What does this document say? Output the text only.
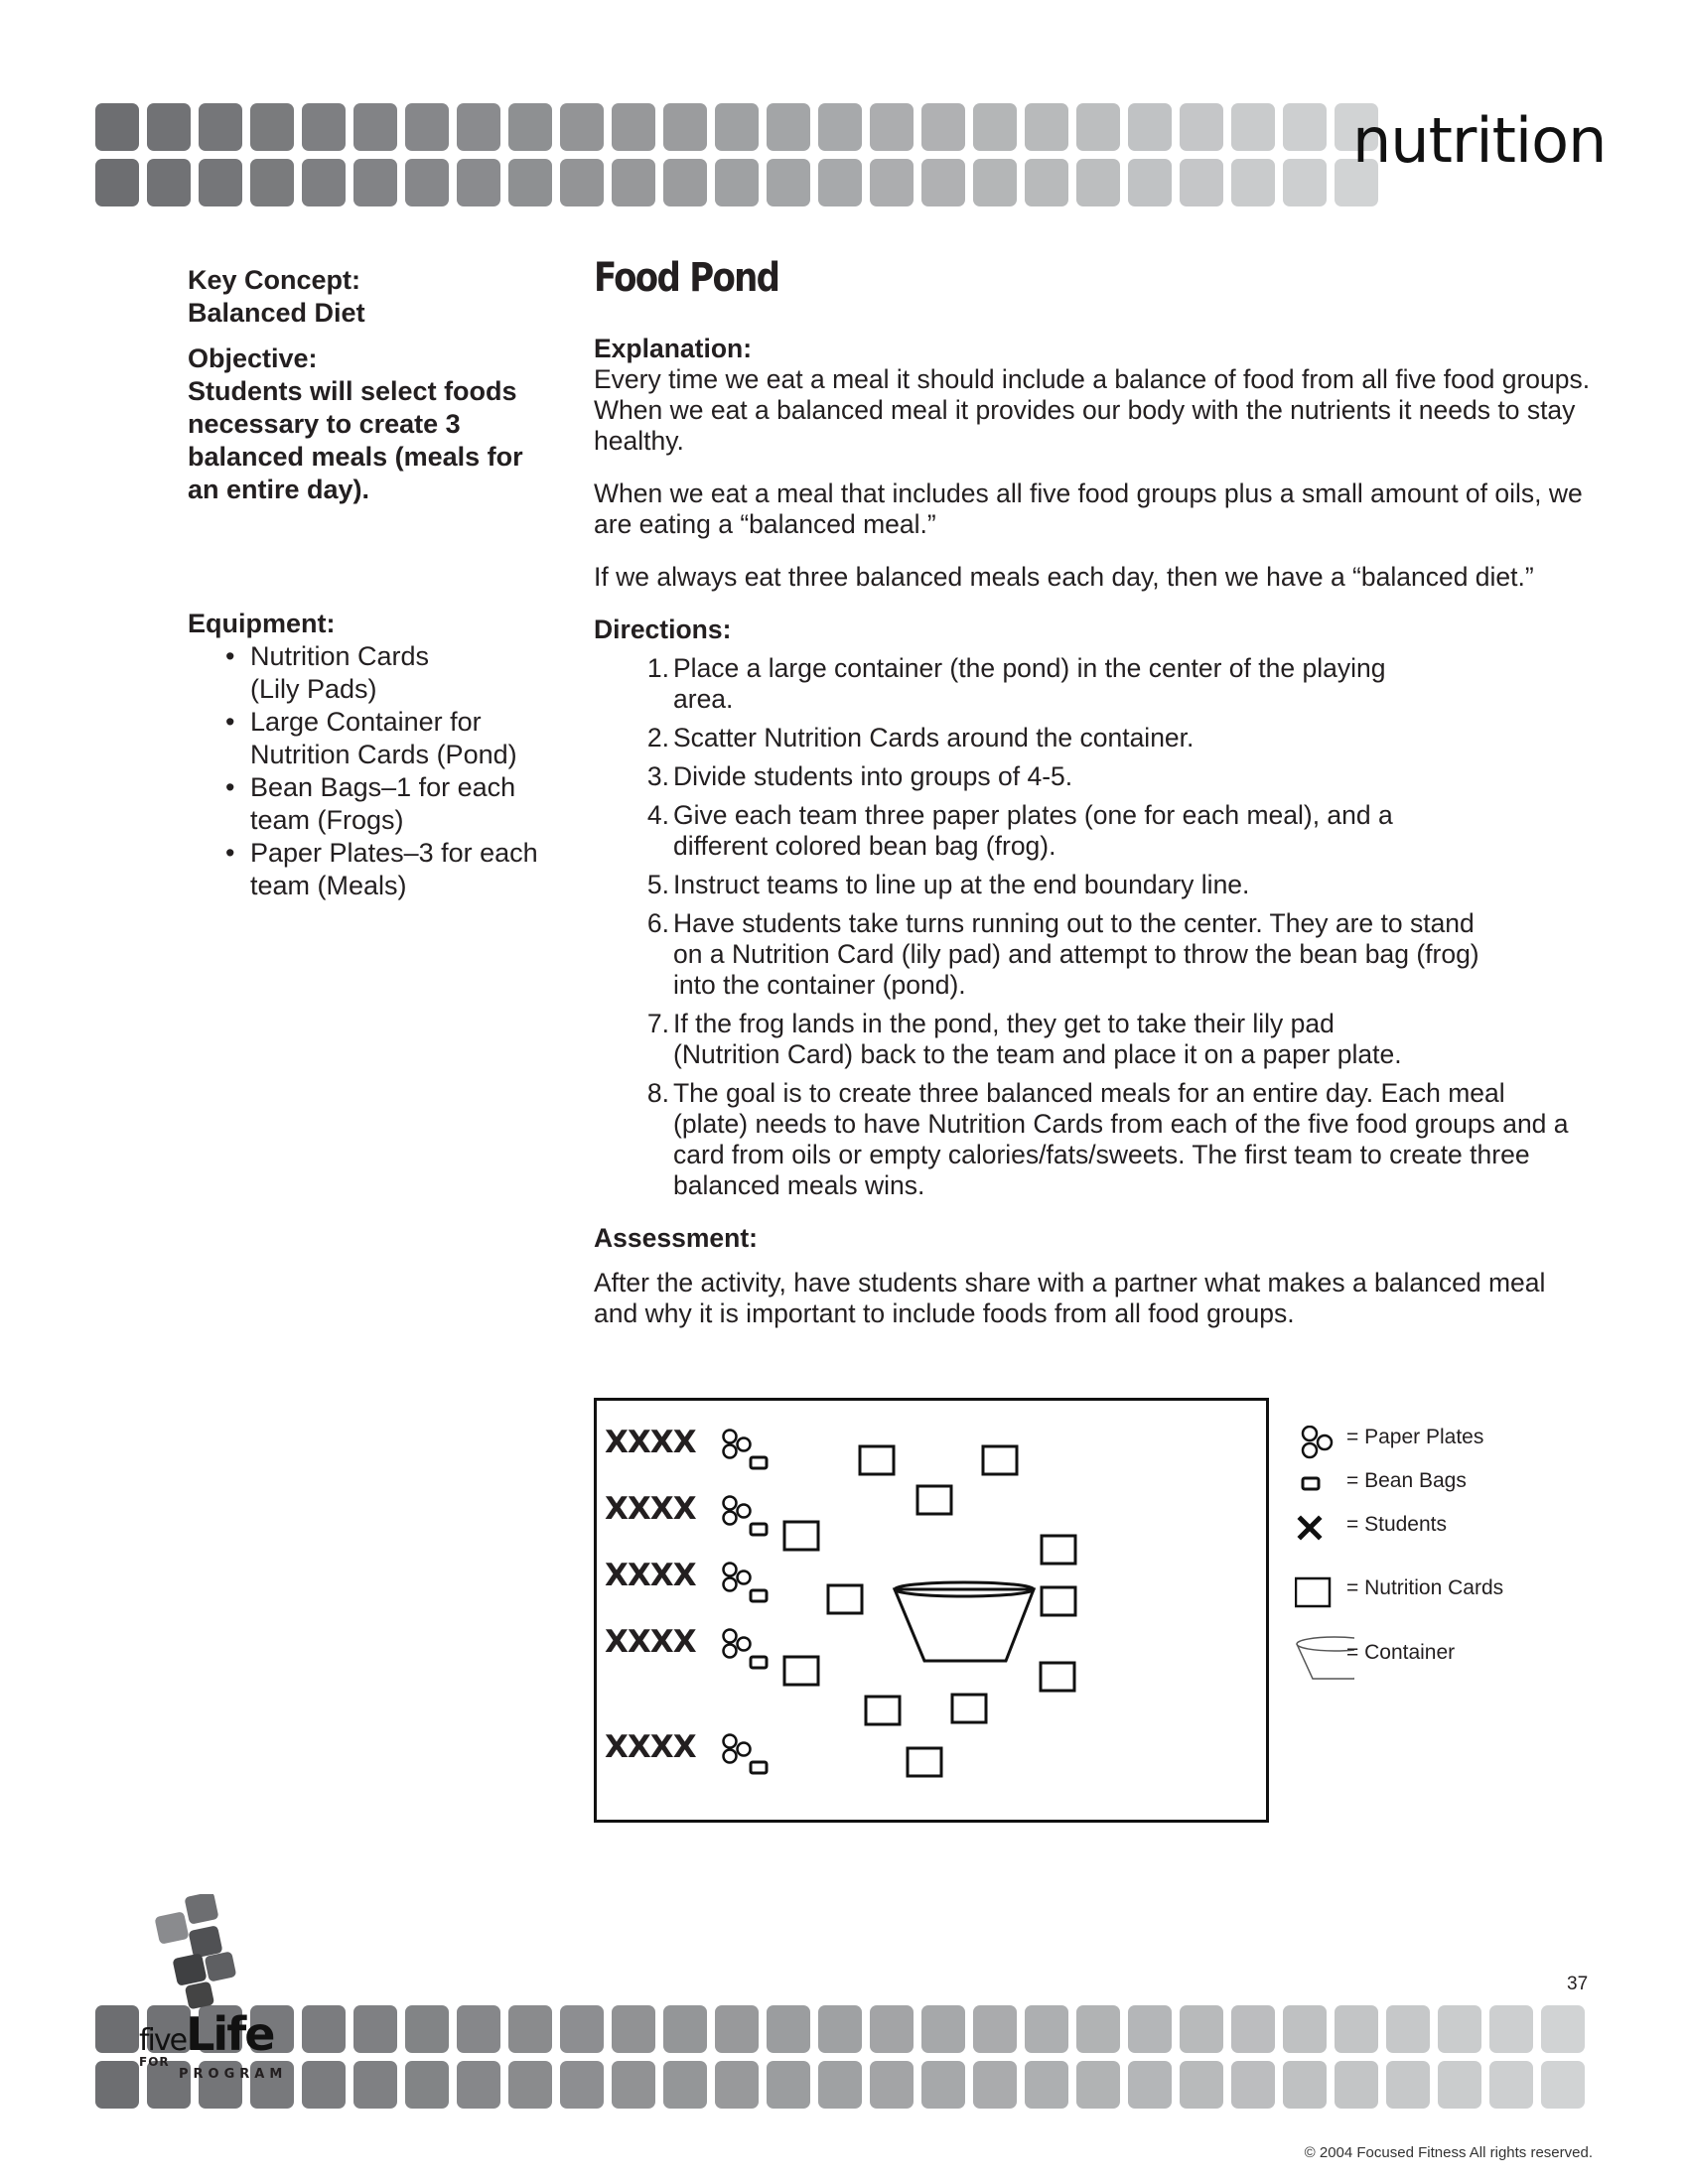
nutrition
Key Concept:
Balanced Diet
Objective:
Students will select foods necessary to create 3 balanced meals (meals for an entire day).
Equipment:
• Nutrition Cards
(Lily Pads)
• Large Container for
Nutrition Cards (Pond)
• Bean Bags–1 for each
team (Frogs)
• Paper Plates–3 for each
team (Meals)
Food Pond
Explanation:

Every time we eat a meal it should include a balance of food from all five food groups. When we eat a balanced meal it provides our body with the nutrients it needs to stay healthy.

When we eat a meal that includes all five food groups plus a small amount of oils, we are eating a “balanced meal.”

If we always eat three balanced meals each day, then we have a “balanced diet.”

Directions:
1. Place a large container (the pond) in the center of the playing area.
2. Scatter Nutrition Cards around the container.
3. Divide students into groups of 4-5.
4. Give each team three paper plates (one for each meal), and a different colored bean bag (frog).
5. Instruct teams to line up at the end boundary line.
6. Have students take turns running out to the center. They are to stand on a Nutrition Card (lily pad) and attempt to throw the bean bag (frog) into the container (pond).
7. If the frog lands in the pond, they get to take their lily pad (Nutrition Card) back to the team and place it on a paper plate.
8. The goal is to create three balanced meals for an entire day. Each meal (plate) needs to have Nutrition Cards from each of the five food groups and a card from oils or empty calories/fats/sweets. The first team to create three balanced meals wins.
Assessment:

After the activity, have students share with a partner what makes a balanced meal and why it is important to include foods from all food groups.

XXXX
XXXX
XXXX
XXXX
XXXX
= Paper Plates
= Bean Bags
= Students
= Nutrition Cards
= Container
37
fiveLife
FOR
PROGRAM
© 2004 Focused Fitness All rights reserved.
